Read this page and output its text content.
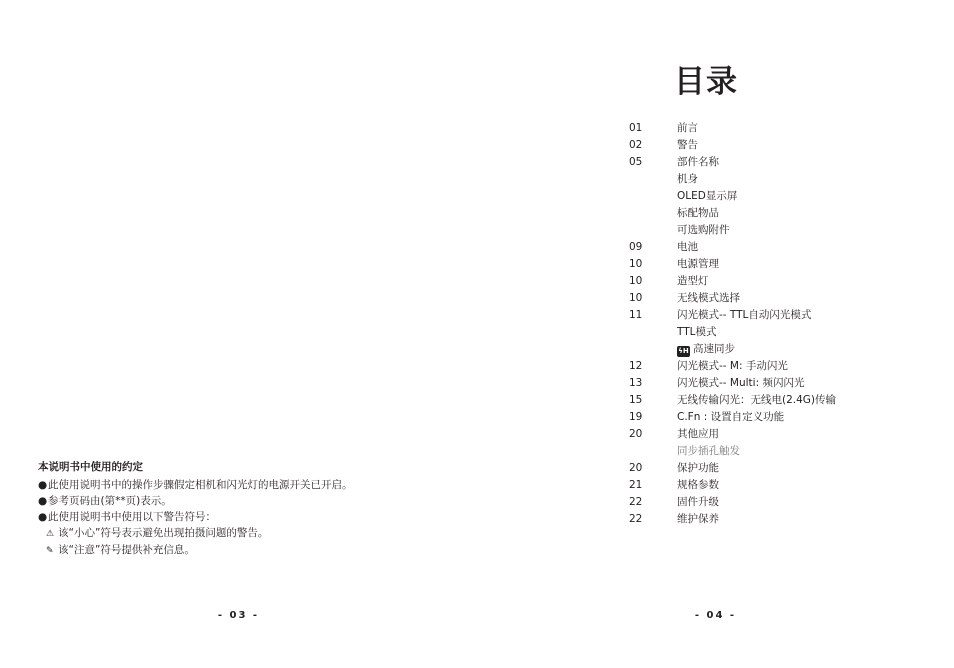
本说明书中使用的约定
●此使用说明书中的操作步骤假定相机和闪光灯的电源开关已开启。
●参考页码由(第**页)表示。
●此使用说明书中使用以下警告符号：
⚠ 该“小心”符号表示避免出现拍摄问题的警告。
✎ 该“注意”符号提供补充信息。
- 03 -
目录
01	前言
02	警告
05	部件名称
机身
OLED显示屏
标配物品
可选购附件
09	电池
10	电源管理
10	造型灯
10	无线模式选择
11	闪光模式-- TTL自动闪光模式
TTL模式
ϟH 高速同步
12	闪光模式-- M: 手动闪光
13	闪光模式-- Multi: 频闪闪光
15	无线传输闪光：无线电(2.4G)传输
19	C.Fn : 设置自定义功能
20	其他应用
同步插孔触发
20	保护功能
21	规格参数
22	固件升级
22	维护保养
- 04 -
